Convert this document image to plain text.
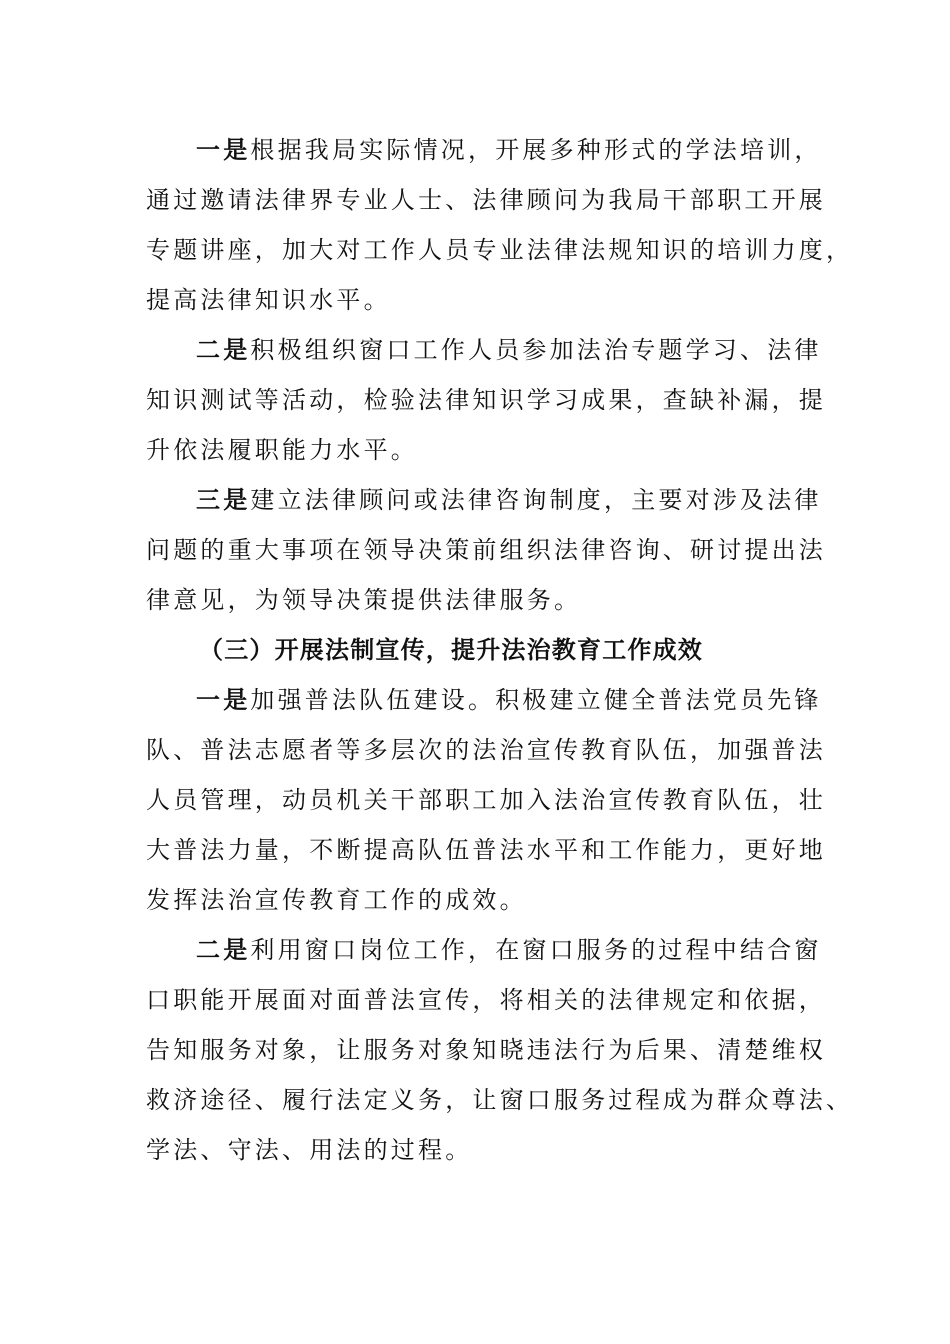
一是根据我局实际情况，开展多种形式的学法培训，
通过邀请法律界专业人士、法律顾问为我局干部职工开展
专题讲座，加大对工作人员专业法律法规知识的培训力度，
提高法律知识水平。
二是积极组织窗口工作人员参加法治专题学习、法律
知识测试等活动，检验法律知识学习成果，查缺补漏，提
升依法履职能力水平。
三是建立法律顾问或法律咨询制度，主要对涉及法律
问题的重大事项在领导决策前组织法律咨询、研讨提出法
律意见，为领导决策提供法律服务。
（三）开展法制宣传，提升法治教育工作成效
一是加强普法队伍建设。积极建立健全普法党员先锋
队、普法志愿者等多层次的法治宣传教育队伍，加强普法
人员管理，动员机关干部职工加入法治宣传教育队伍，壮
大普法力量，不断提高队伍普法水平和工作能力，更好地
发挥法治宣传教育工作的成效。
二是利用窗口岗位工作，在窗口服务的过程中结合窗
口职能开展面对面普法宣传，将相关的法律规定和依据，
告知服务对象，让服务对象知晓违法行为后果、清楚维权
救济途径、履行法定义务，让窗口服务过程成为群众尊法、
学法、守法、用法的过程。
